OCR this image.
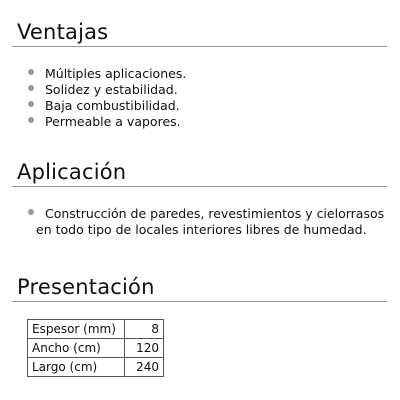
Ventajas
Múltiples aplicaciones.
Solidez y estabilidad.
Baja combustibilidad.
Permeable a vapores.
Aplicación
Construcción de paredes, revestimientos y cielorrasos
en todo tipo de locales interiores libres de humedad.
Presentación
Espesor (mm)	8
Ancho (cm)	120
Largo (cm)	240
